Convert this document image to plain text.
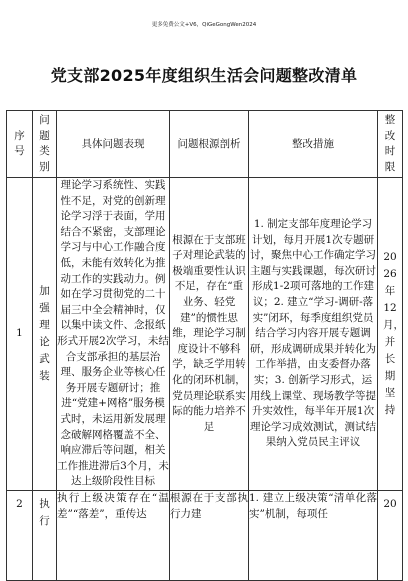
更多免费公文+V6，QiGeGongWen2024
党支部2025年度组织生活会问题整改清单
序号	问题类别	具体问题表现	问题根源剖析	整改措施	整改时限

1	加强理论武装	理论学习系统性、实践性不足，对党的创新理论学习浮于表面，学用结合不紧密，支部理论学习与中心工作融合度低，未能有效转化为推动工作的实践动力。例如在学习贯彻党的二十届三中全会精神时，仅以集中读文件、念报纸形式开展2次学习，未结合支部承担的基层治理、服务企业等核心任务开展专题研讨；推进“党建+网格”服务模式时，未运用新发展理念破解网格覆盖不全、响应滞后等问题，相关工作推进滞后3个月，未达上级阶段性目标	根源在于支部班子对理论武装的极端重要性认识不足，存在“重业务、轻党建”的惯性思维，理论学习制度设计不够科学，缺乏学用转化的闭环机制，党员理论联系实际的能力培养不足	1. 制定支部年度理论学习计划，每月开展1次专题研讨，聚焦中心工作确定学习主题与实践课题，每次研讨形成1-2项可落地的工作建议；2. 建立“学习-调研-落实”闭环，每季度组织党员结合学习内容开展专题调研，形成调研成果并转化为工作举措，由支委督办落实；3. 创新学习形式，运用线上课堂、现场教学等提升实效性，每半年开展1次理论学习成效测试，测试结果纳入党员民主评议	2026年12月，并长期坚持

2	执行	执行上级决策存在“温差”“落差”，重传达	根源在于支部执行力建	1. 建立上级决策“清单化落实”机制，每项任	20
